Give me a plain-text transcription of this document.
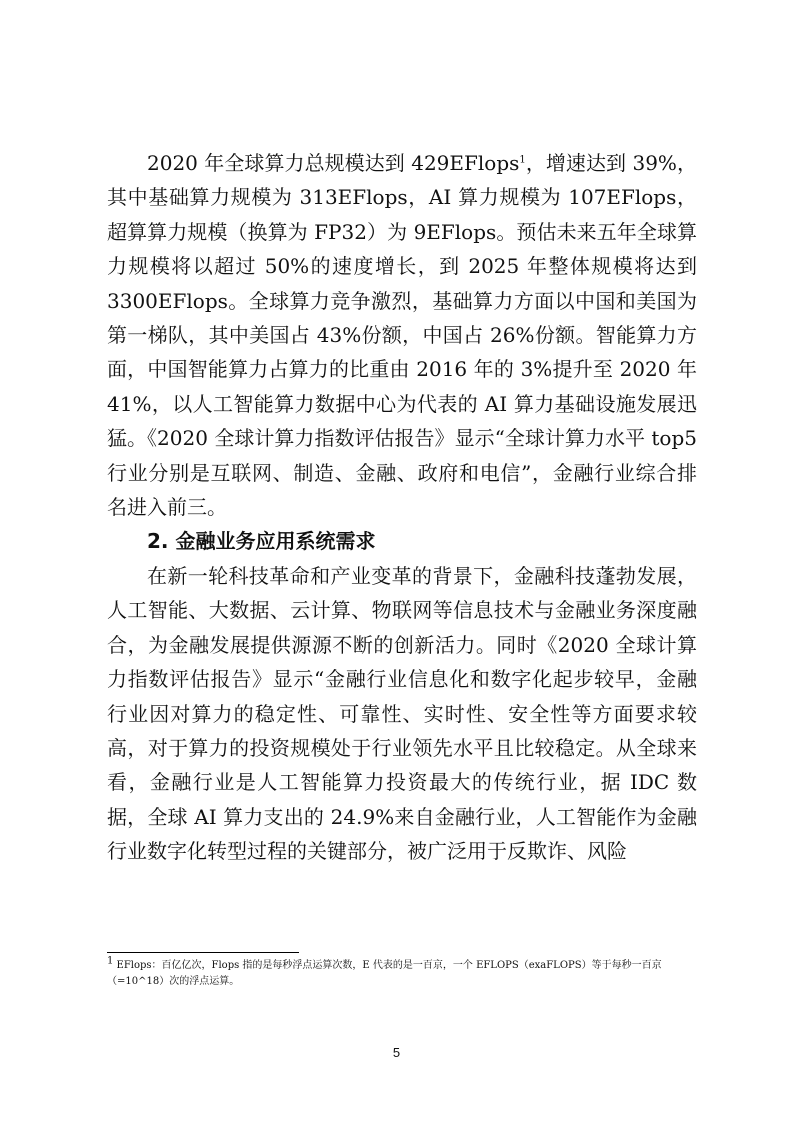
2020 年全球算力总规模达到 429EFlops$^1$，增速达到 39%，其中基础算力规模为 313EFlops，AI 算力规模为 107EFlops，超算算力规模（换算为 FP32）为 9EFlops。预估未来五年全球算力规模将以超过 50%的速度增长，到 2025 年整体规模将达到 3300EFlops。全球算力竞争激烈，基础算力方面以中国和美国为第一梯队，其中美国占 43%份额，中国占 26%份额。智能算力方面，中国智能算力占算力的比重由 2016 年的 3%提升至 2020 年 41%，以人工智能算力数据中心为代表的 AI 算力基础设施发展迅猛。《2020 全球计算力指数评估报告》显示“全球计算力水平 top5 行业分别是互联网、制造、金融、政府和电信”，金融行业综合排名进入前三。

2. 金融业务应用系统需求

在新一轮科技革命和产业变革的背景下，金融科技蓬勃发展，人工智能、大数据、云计算、物联网等信息技术与金融业务深度融合，为金融发展提供源源不断的创新活力。同时《2020 全球计算力指数评估报告》显示“金融行业信息化和数字化起步较早，金融行业因对算力的稳定性、可靠性、实时性、安全性等方面要求较高，对于算力的投资规模处于行业领先水平且比较稳定。从全球来看，金融行业是人工智能算力投资最大的传统行业，据 IDC 数据，全球 AI 算力支出的 24.9%来自金融行业，人工智能作为金融行业数字化转型过程的关键部分，被广泛用于反欺诈、风险

$^1$ EFlops：百亿亿次，Flops 指的是每秒浮点运算次数，E 代表的是一百京，一个 EFLOPS（exaFLOPS）等于每秒一百京（=10^18）次的浮点运算。

5
